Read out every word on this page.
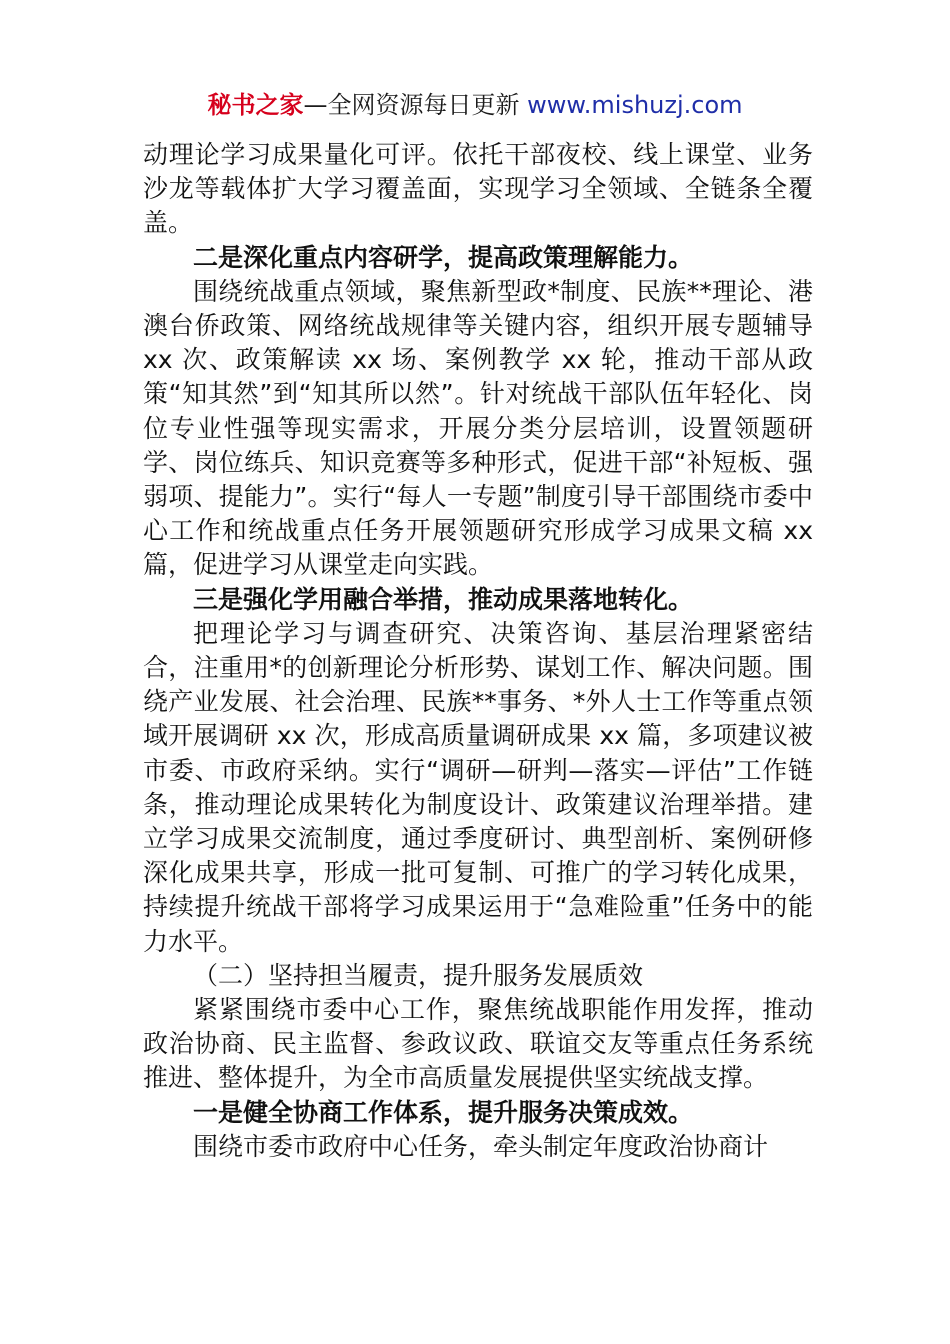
秘书之家—全网资源每日更新 www.mishuzj.com

动理论学习成果量化可评。依托干部夜校、线上课堂、业务沙龙等载体扩大学习覆盖面，实现学习全领域、全链条全覆盖。

二是深化重点内容研学，提高政策理解能力。

围绕统战重点领域，聚焦新型政*制度、民族**理论、港澳台侨政策、网络统战规律等关键内容，组织开展专题辅导 xx 次、政策解读 xx 场、案例教学 xx 轮，推动干部从政策“知其然”到“知其所以然”。针对统战干部队伍年轻化、岗位专业性强等现实需求，开展分类分层培训，设置领题研学、岗位练兵、知识竞赛等多种形式，促进干部“补短板、强弱项、提能力”。实行“每人一专题”制度引导干部围绕市委中心工作和统战重点任务开展领题研究形成学习成果文稿 xx 篇，促进学习从课堂走向实践。

三是强化学用融合举措，推动成果落地转化。

把理论学习与调查研究、决策咨询、基层治理紧密结合，注重用*的创新理论分析形势、谋划工作、解决问题。围绕产业发展、社会治理、民族**事务、*外人士工作等重点领域开展调研 xx 次，形成高质量调研成果 xx 篇，多项建议被市委、市政府采纳。实行“调研—研判—落实—评估”工作链条，推动理论成果转化为制度设计、政策建议治理举措。建立学习成果交流制度，通过季度研讨、典型剖析、案例研修深化成果共享，形成一批可复制、可推广的学习转化成果，持续提升统战干部将学习成果运用于“急难险重”任务中的能力水平。

（二）坚持担当履责，提升服务发展质效

紧紧围绕市委中心工作，聚焦统战职能作用发挥，推动政治协商、民主监督、参政议政、联谊交友等重点任务系统推进、整体提升，为全市高质量发展提供坚实统战支撑。

一是健全协商工作体系，提升服务决策成效。

围绕市委市政府中心任务，牵头制定年度政治协商计
